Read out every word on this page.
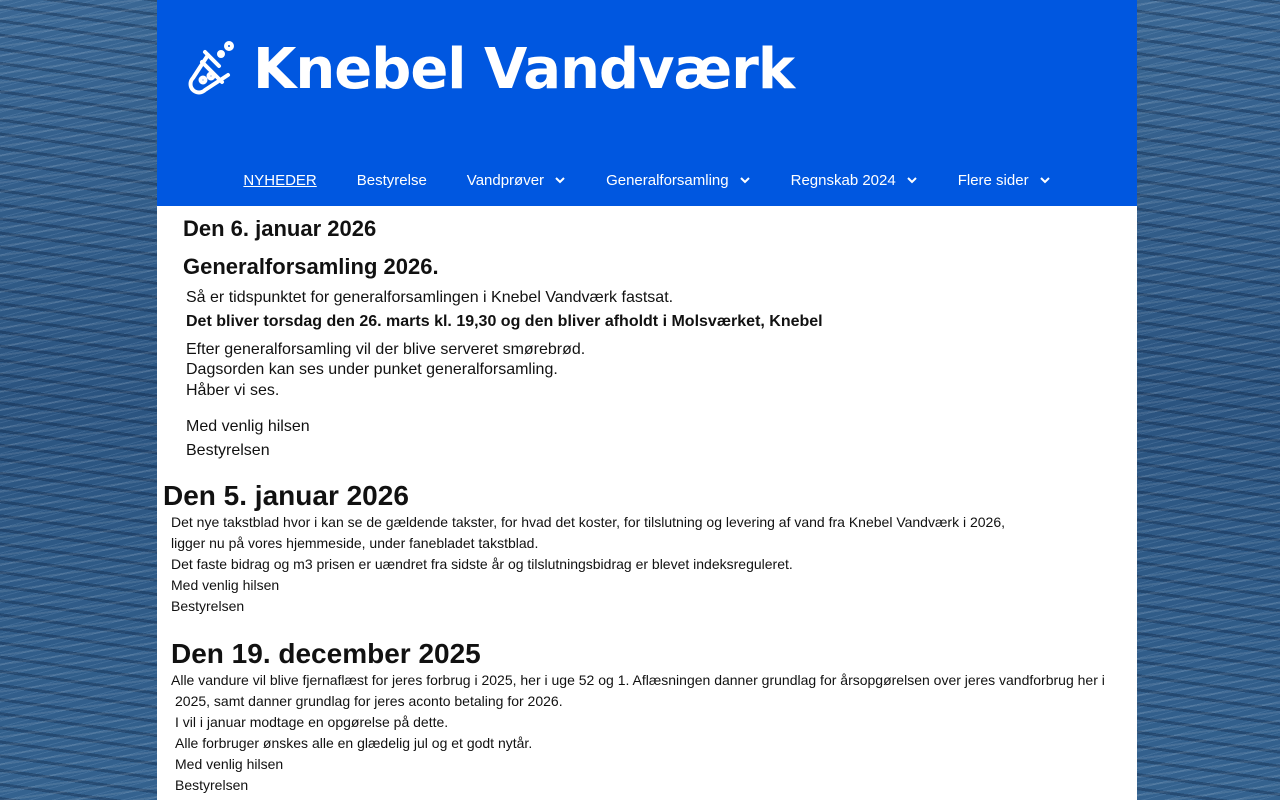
Knebel Vandværk
NYHEDER	Bestyrelse	Vandprøver	Generalforsamling	Regnskab 2024	Flere sider
Den 6. januar 2026
Generalforsamling 2026.

Så er tidspunktet for generalforsamlingen i Knebel Vandværk fastsat.

Det bliver torsdag den 26. marts kl. 19,30 og den bliver afholdt i Molsværket, Knebel

Efter generalforsamling vil der blive serveret smørebrød.

Dagsorden kan ses under punket generalforsamling.

Håber vi ses.

Med venlig hilsen

Bestyrelsen

Den 5. januar 2026

Det nye takstblad hvor i kan se de gældende takster, for hvad det koster, for tilslutning og levering af vand fra Knebel Vandværk i 2026,

ligger nu på vores hjemmeside, under fanebladet takstblad.

Det faste bidrag og m3 prisen er uændret fra sidste år og tilslutningsbidrag er blevet indeksreguleret.

Med venlig hilsen

Bestyrelsen

Den 19. december 2025

Alle vandure vil blive fjernaflæst for jeres forbrug i 2025, her i uge 52 og 1. Aflæsningen danner grundlag for årsopgørelsen over jeres vandforbrug her i

2025, samt danner grundlag for jeres aconto betaling for 2026.

I vil i januar modtage en opgørelse på dette.

Alle forbruger ønskes alle en glædelig jul og et godt nytår.

Med venlig hilsen

Bestyrelsen
